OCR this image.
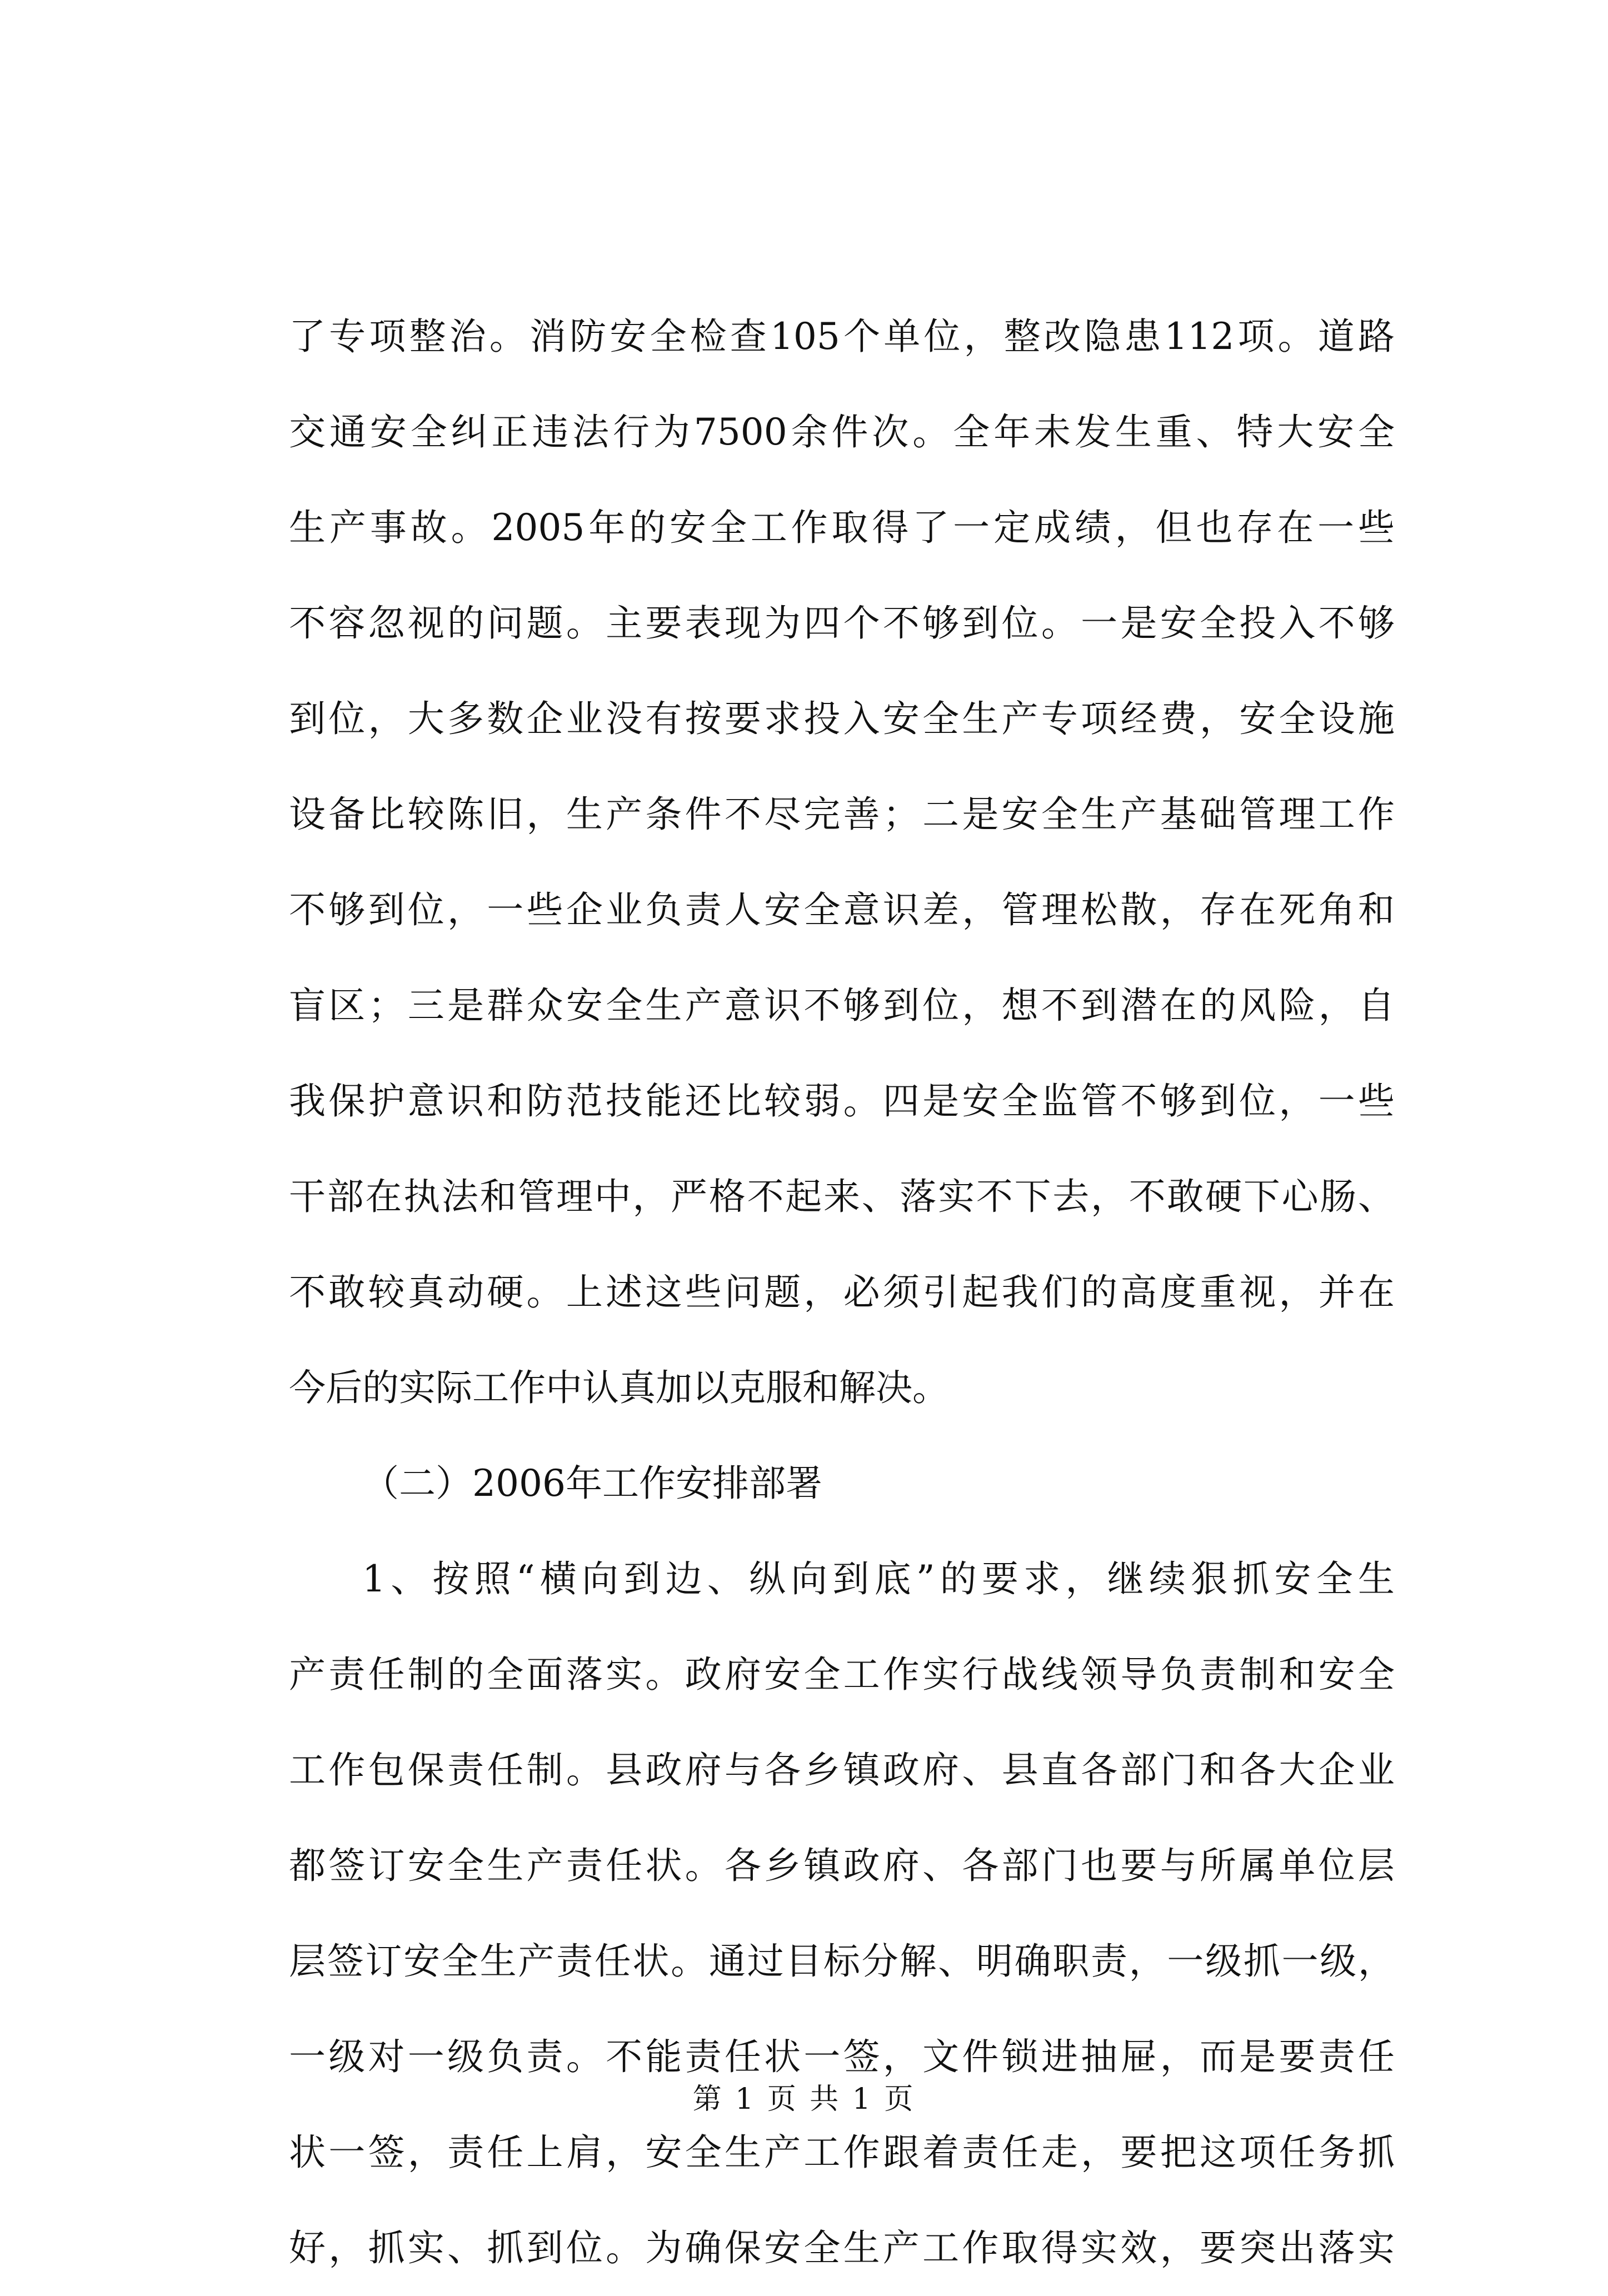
了专项整治。消防安全检查105个单位，整改隐患112项。道路
交通安全纠正违法行为7500余件次。全年未发生重、特大安全
生产事故。2005年的安全工作取得了一定成绩，但也存在一些
不容忽视的问题。主要表现为四个不够到位。一是安全投入不够
到位，大多数企业没有按要求投入安全生产专项经费，安全设施
设备比较陈旧，生产条件不尽完善；二是安全生产基础管理工作
不够到位，一些企业负责人安全意识差，管理松散，存在死角和
盲区；三是群众安全生产意识不够到位，想不到潜在的风险，自
我保护意识和防范技能还比较弱。四是安全监管不够到位，一些
干部在执法和管理中，严格不起来、落实不下去，不敢硬下心肠、
不敢较真动硬。上述这些问题，必须引起我们的高度重视，并在
今后的实际工作中认真加以克服和解决。
（二）2006年工作安排部署
1、按照“横向到边、纵向到底”的要求，继续狠抓安全生
产责任制的全面落实。政府安全工作实行战线领导负责制和安全
工作包保责任制。县政府与各乡镇政府、县直各部门和各大企业
都签订安全生产责任状。各乡镇政府、各部门也要与所属单位层
层签订安全生产责任状。通过目标分解、明确职责，一级抓一级，
一级对一级负责。不能责任状一签，文件锁进抽屉，而是要责任
状一签，责任上肩，安全生产工作跟着责任走，要把这项任务抓
好，抓实、抓到位。为确保安全生产工作取得实效，要突出落实
第 1 页 共 1 页
